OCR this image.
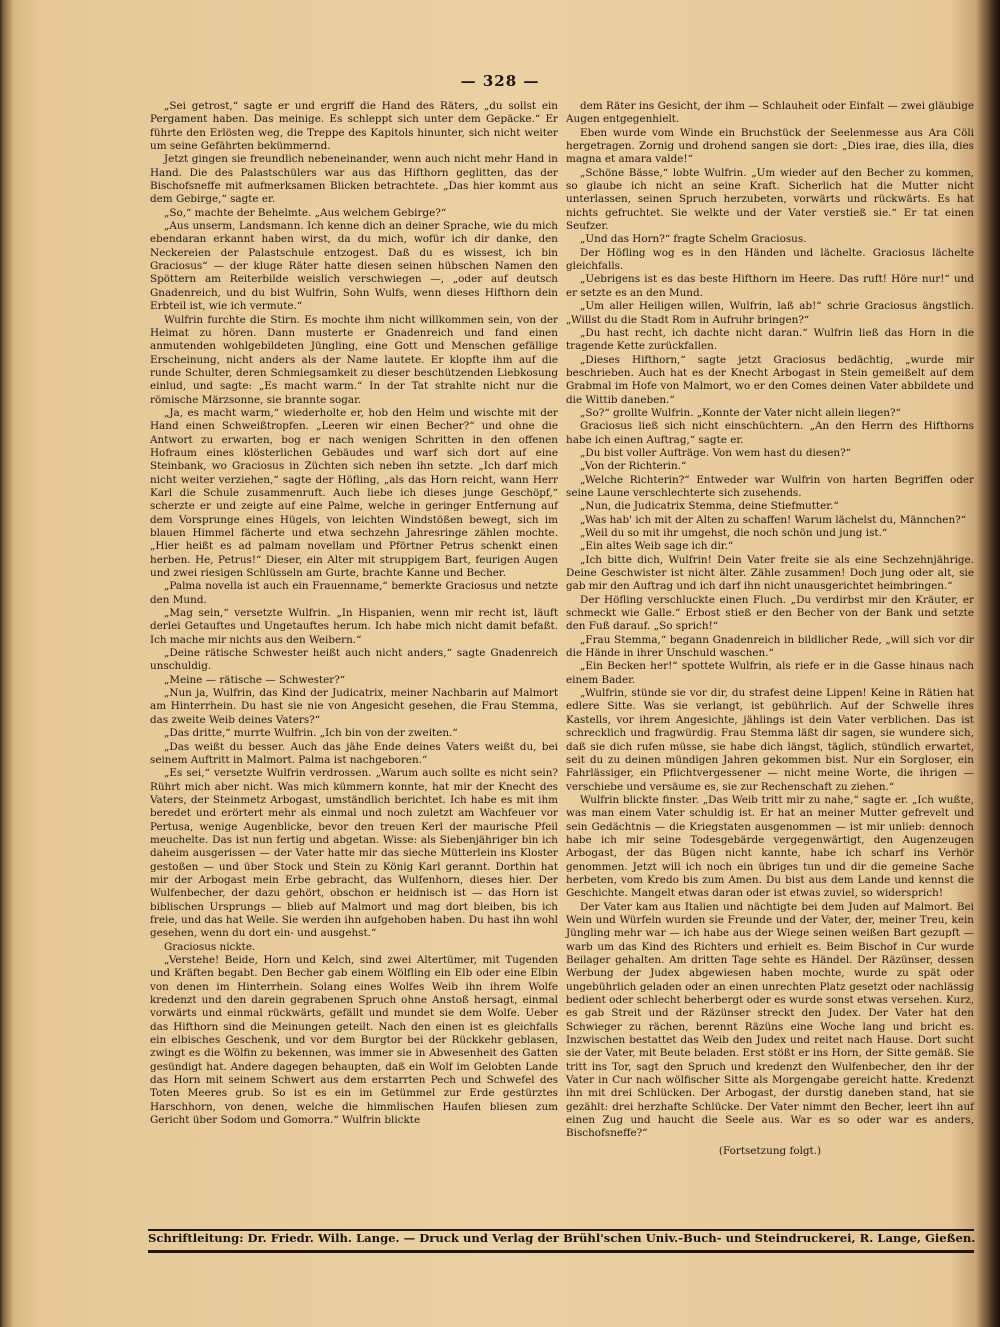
— 328 —

„Sei getrost,“ sagte er und ergriff die Hand des Räters, „du sollst ein Pergament haben. Das meinige. Es schleppt sich unter dem Gepäcke.“ Er führte den Erlösten weg, die Treppe des Kapitols hinunter, sich nicht weiter um seine Gefährten bekümmernd.

Jetzt gingen sie freundlich nebeneinander, wenn auch nicht mehr Hand in Hand. Die des Palastschülers war aus das Hifthorn geglitten, das der Bischofsneffe mit aufmerksamen Blicken betrachtete. „Das hier kommt aus dem Gebirge,“ sagte er.

„So,“ machte der Behelmte. „Aus welchem Gebirge?“

„Aus unserm, Landsmann. Ich kenne dich an deiner Sprache, wie du mich ebendaran erkannt haben wirst, da du mich, wofür ich dir danke, den Neckereien der Palastschule entzogest. Daß du es wissest, ich bin Graciosus“ — der kluge Räter hatte diesen seinen hübschen Namen den Spöttern am Reiterbilde weislich verschwiegen —, „oder auf deutsch Gnadenreich, und du bist Wulfrin, Sohn Wulfs, wenn dieses Hifthorn dein Erbteil ist, wie ich vermute.“

Wulfrin furchte die Stirn. Es mochte ihm nicht willkommen sein, von der Heimat zu hören. Dann musterte er Gnadenreich und fand einen anmutenden wohlgebildeten Jüngling, eine Gott und Menschen gefällige Erscheinung, nicht anders als der Name lautete. Er klopfte ihm auf die runde Schulter, deren Schmiegsamkeit zu dieser beschützenden Liebkosung einlud, und sagte: „Es macht warm.“ In der Tat strahlte nicht nur die römische Märzsonne, sie brannte sogar.

„Ja, es macht warm,“ wiederholte er, hob den Helm und wischte mit der Hand einen Schweißtropfen. „Leeren wir einen Becher?“ und ohne die Antwort zu erwarten, bog er nach wenigen Schritten in den offenen Hofraum eines klösterlichen Gebäudes und warf sich dort auf eine Steinbank, wo Graciosus in Züchten sich neben ihn setzte. „Ich darf mich nicht weiter verziehen,“ sagte der Höfling, „als das Horn reicht, wann Herr Karl die Schule zusammenruft. Auch liebe ich dieses junge Geschöpf,“ scherzte er und zeigte auf eine Palme, welche in geringer Entfernung auf dem Vorsprunge eines Hügels, von leichten Windstößen bewegt, sich im blauen Himmel fächerte und etwa sechzehn Jahresringe zählen mochte. „Hier heißt es ad palmam novellam und Pförtner Petrus schenkt einen herben. He, Petrus!“ Dieser, ein Alter mit struppigem Bart, feurigen Augen und zwei riesigen Schlüsseln am Gurte, brachte Kanne und Becher.

„Palma novella ist auch ein Frauenname,“ bemerkte Graciosus und netzte den Mund.

„Mag sein,“ versetzte Wulfrin. „In Hispanien, wenn mir recht ist, läuft derlei Getauftes und Ungetauftes herum. Ich habe mich nicht damit befaßt. Ich mache mir nichts aus den Weibern.“

„Deine rätische Schwester heißt auch nicht anders,“ sagte Gnadenreich unschuldig.

„Meine — rätische — Schwester?“

„Nun ja, Wulfrin, das Kind der Judicatrix, meiner Nachbarin auf Malmort am Hinterrhein. Du hast sie nie von Angesicht gesehen, die Frau Stemma, das zweite Weib deines Vaters?“

„Das dritte,“ murrte Wulfrin. „Ich bin von der zweiten.“

„Das weißt du besser. Auch das jähe Ende deines Vaters weißt du, bei seinem Auftritt in Malmort. Palma ist nachgeboren.“

„Es sei,“ versetzte Wulfrin verdrossen. „Warum auch sollte es nicht sein? Rührt mich aber nicht. Was mich kümmern konnte, hat mir der Knecht des Vaters, der Steinmetz Arbogast, umständlich berichtet. Ich habe es mit ihm beredet und erörtert mehr als einmal und noch zuletzt am Wachfeuer vor Pertusa, wenige Augenblicke, bevor den treuen Kerl der maurische Pfeil meuchelte. Das ist nun fertig und abgetan. Wisse: als Siebenjähriger bin ich daheim ausgerissen — der Vater hatte mir das sieche Mütterlein ins Kloster gestoßen — und über Stock und Stein zu König Karl gerannt. Dorthin hat mir der Arbogast mein Erbe gebracht, das Wulfenhorn, dieses hier. Der Wulfenbecher, der dazu gehört, obschon er heidnisch ist — das Horn ist biblischen Ursprungs — blieb auf Malmort und mag dort bleiben, bis ich freie, und das hat Weile. Sie werden ihn aufgehoben haben. Du hast ihn wohl gesehen, wenn du dort ein- und ausgehst.“

Graciosus nickte.

„Verstehe! Beide, Horn und Kelch, sind zwei Altertümer, mit Tugenden und Kräften begabt. Den Becher gab einem Wölfling ein Elb oder eine Elbin von denen im Hinterrhein. Solang eines Wolfes Weib ihn ihrem Wolfe kredenzt und den darein gegrabenen Spruch ohne Anstoß hersagt, einmal vorwärts und einmal rückwärts, gefällt und mundet sie dem Wolfe. Ueber das Hifthorn sind die Meinungen geteilt. Nach den einen ist es gleichfalls ein elbisches Geschenk, und vor dem Burgtor bei der Rückkehr geblasen, zwingt es die Wölfin zu bekennen, was immer sie in Abwesenheit des Gatten gesündigt hat. Andere dagegen behaupten, daß ein Wolf im Gelobten Lande das Horn mit seinem Schwert aus dem erstarrten Pech und Schwefel des Toten Meeres grub. So ist es ein im Getümmel zur Erde gestürztes Harschhorn, von denen, welche die himmlischen Haufen bliesen zum Gericht über Sodom und Gomorra.“ Wulfrin blickte

dem Räter ins Gesicht, der ihm — Schlauheit oder Einfalt — zwei gläubige Augen entgegenhielt.

Eben wurde vom Winde ein Bruchstück der Seelenmesse aus Ara Cöli hergetragen. Zornig und drohend sangen sie dort: „Dies irae, dies illa, dies magna et amara valde!“

„Schöne Bässe,“ lobte Wulfrin. „Um wieder auf den Becher zu kommen, so glaube ich nicht an seine Kraft. Sicherlich hat die Mutter nicht unterlassen, seinen Spruch herzubeten, vorwärts und rückwärts. Es hat nichts gefruchtet. Sie welkte und der Vater verstieß sie.“ Er tat einen Seufzer.

„Und das Horn?“ fragte Schelm Graciosus.

Der Höfling wog es in den Händen und lächelte. Graciosus lächelte gleichfalls.

„Uebrigens ist es das beste Hifthorn im Heere. Das ruft! Höre nur!“ und er setzte es an den Mund.

„Um aller Heiligen willen, Wulfrin, laß ab!“ schrie Graciosus ängstlich. „Willst du die Stadt Rom in Aufruhr bringen?“

„Du hast recht, ich dachte nicht daran.“ Wulfrin ließ das Horn in die tragende Kette zurückfallen.

„Dieses Hifthorn,“ sagte jetzt Graciosus bedächtig, „wurde mir beschrieben. Auch hat es der Knecht Arbogast in Stein gemeißelt auf dem Grabmal im Hofe von Malmort, wo er den Comes deinen Vater abbildete und die Wittib daneben.“

„So?“ grollte Wulfrin. „Konnte der Vater nicht allein liegen?“

Graciosus ließ sich nicht einschüchtern. „An den Herrn des Hifthorns habe ich einen Auftrag,“ sagte er.

„Du bist voller Aufträge. Von wem hast du diesen?“

„Von der Richterin.“

„Welche Richterin?“ Entweder war Wulfrin von harten Begriffen oder seine Laune verschlechterte sich zusehends.

„Nun, die Judicatrix Stemma, deine Stiefmutter.“

„Was hab' ich mit der Alten zu schaffen! Warum lächelst du, Männchen?“

„Weil du so mit ihr umgehst, die noch schön und jung ist.“

„Ein altes Weib sage ich dir.“

„Ich bitte dich, Wulfrin! Dein Vater freite sie als eine Sechzehnjährige. Deine Geschwister ist nicht älter. Zähle zusammen! Doch jung oder alt, sie gab mir den Auftrag und ich darf ihn nicht unausgerichtet heimbringen.“

Der Höfling verschluckte einen Fluch. „Du verdirbst mir den Kräuter, er schmeckt wie Galle.“ Erbost stieß er den Becher von der Bank und setzte den Fuß darauf. „So sprich!“

„Frau Stemma,“ begann Gnadenreich in bildlicher Rede, „will sich vor dir die Hände in ihrer Unschuld waschen.“

„Ein Becken her!“ spottete Wulfrin, als riefe er in die Gasse hinaus nach einem Bader.

„Wulfrin, stünde sie vor dir, du strafest deine Lippen! Keine in Rätien hat edlere Sitte. Was sie verlangt, ist gebührlich. Auf der Schwelle ihres Kastells, vor ihrem Angesichte, jählings ist dein Vater verblichen. Das ist schrecklich und fragwürdig. Frau Stemma läßt dir sagen, sie wundere sich, daß sie dich rufen müsse, sie habe dich längst, täglich, stündlich erwartet, seit du zu deinen mündigen Jahren gekommen bist. Nur ein Sorgloser, ein Fahrlässiger, ein Pflichtvergessener — nicht meine Worte, die ihrigen — verschiebe und versäume es, sie zur Rechenschaft zu ziehen.“

Wulfrin blickte finster. „Das Weib tritt mir zu nahe,“ sagte er. „Ich wußte, was man einem Vater schuldig ist. Er hat an meiner Mutter gefrevelt und sein Gedächtnis — die Kriegstaten ausgenommen — ist mir unlieb: dennoch habe ich mir seine Todesgebärde vergegenwärtigt, den Augenzeugen Arbogast, der das Bügen nicht kannte, habe ich scharf ins Verhör genommen. Jetzt will ich noch ein übriges tun und dir die gemeine Sache herbeten, vom Kredo bis zum Amen. Du bist aus dem Lande und kennst die Geschichte. Mangelt etwas daran oder ist etwas zuviel, so widersprich!

Der Vater kam aus Italien und nächtigte bei dem Juden auf Malmort. Bei Wein und Würfeln wurden sie Freunde und der Vater, der, meiner Treu, kein Jüngling mehr war — ich habe aus der Wiege seinen weißen Bart gezupft — warb um das Kind des Richters und erhielt es. Beim Bischof in Cur wurde Beilager gehalten. Am dritten Tage sehte es Händel. Der Räzünser, dessen Werbung der Judex abgewiesen haben mochte, wurde zu spät oder ungebührlich geladen oder an einen unrechten Platz gesetzt oder nachlässig bedient oder schlecht beherbergt oder es wurde sonst etwas versehen. Kurz, es gab Streit und der Räzünser streckt den Judex. Der Vater hat den Schwieger zu rächen, berennt Räzüns eine Woche lang und bricht es. Inzwischen bestattet das Weib den Judex und reitet nach Hause. Dort sucht sie der Vater, mit Beute beladen. Erst stößt er ins Horn, der Sitte gemäß. Sie tritt ins Tor, sagt den Spruch und kredenzt den Wulfenbecher, den ihr der Vater in Cur nach wölfischer Sitte als Morgengabe gereicht hatte. Kredenzt ihn mit drei Schlücken. Der Arbogast, der durstig daneben stand, hat sie gezählt: drei herzhafte Schlücke. Der Vater nimmt den Becher, leert ihn auf einen Zug und haucht die Seele aus. War es so oder war es anders, Bischofsneffe?“

(Fortsetzung folgt.)

Schriftleitung: Dr. Friedr. Wilh. Lange. — Druck und Verlag der Brühl'schen Univ.-Buch- und Steindruckerei, R. Lange, Gießen.
